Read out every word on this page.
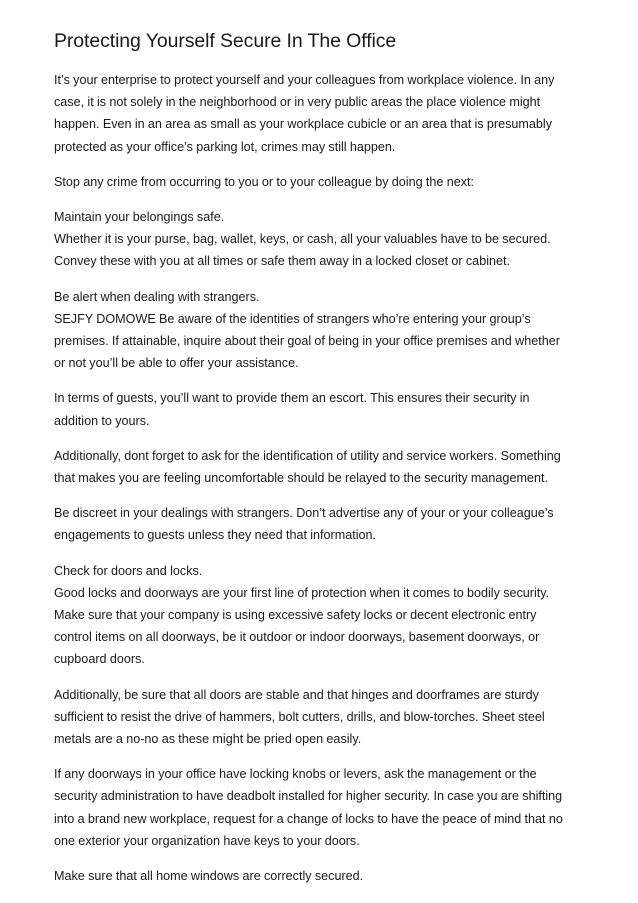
Protecting Yourself Secure In The Office

It’s your enterprise to protect yourself and your colleagues from workplace violence. In any
case, it is not solely in the neighborhood or in very public areas the place violence might
happen. Even in an area as small as your workplace cubicle or an area that is presumably
protected as your office’s parking lot, crimes may still happen.

Stop any crime from occurring to you or to your colleague by doing the next:

Maintain your belongings safe.
Whether it is your purse, bag, wallet, keys, or cash, all your valuables have to be secured.
Convey these with you at all times or safe them away in a locked closet or cabinet.

Be alert when dealing with strangers.
SEJFY DOMOWE Be aware of the identities of strangers who’re entering your group’s
premises. If attainable, inquire about their goal of being in your office premises and whether
or not you’ll be able to offer your assistance.

In terms of guests, you’ll want to provide them an escort. This ensures their security in
addition to yours.

Additionally, dont forget to ask for the identification of utility and service workers. Something
that makes you are feeling uncomfortable should be relayed to the security management.

Be discreet in your dealings with strangers. Don’t advertise any of your or your colleague’s
engagements to guests unless they need that information.

Check for doors and locks.
Good locks and doorways are your first line of protection when it comes to bodily security.
Make sure that your company is using excessive safety locks or decent electronic entry
control items on all doorways, be it outdoor or indoor doorways, basement doorways, or
cupboard doors.

Additionally, be sure that all doors are stable and that hinges and doorframes are sturdy
sufficient to resist the drive of hammers, bolt cutters, drills, and blow-torches. Sheet steel
metals are a no-no as these might be pried open easily.

If any doorways in your office have locking knobs or levers, ask the management or the
security administration to have deadbolt installed for higher security. In case you are shifting
into a brand new workplace, request for a change of locks to have the peace of mind that no
one exterior your organization have keys to your doors.

Make sure that all home windows are correctly secured.
